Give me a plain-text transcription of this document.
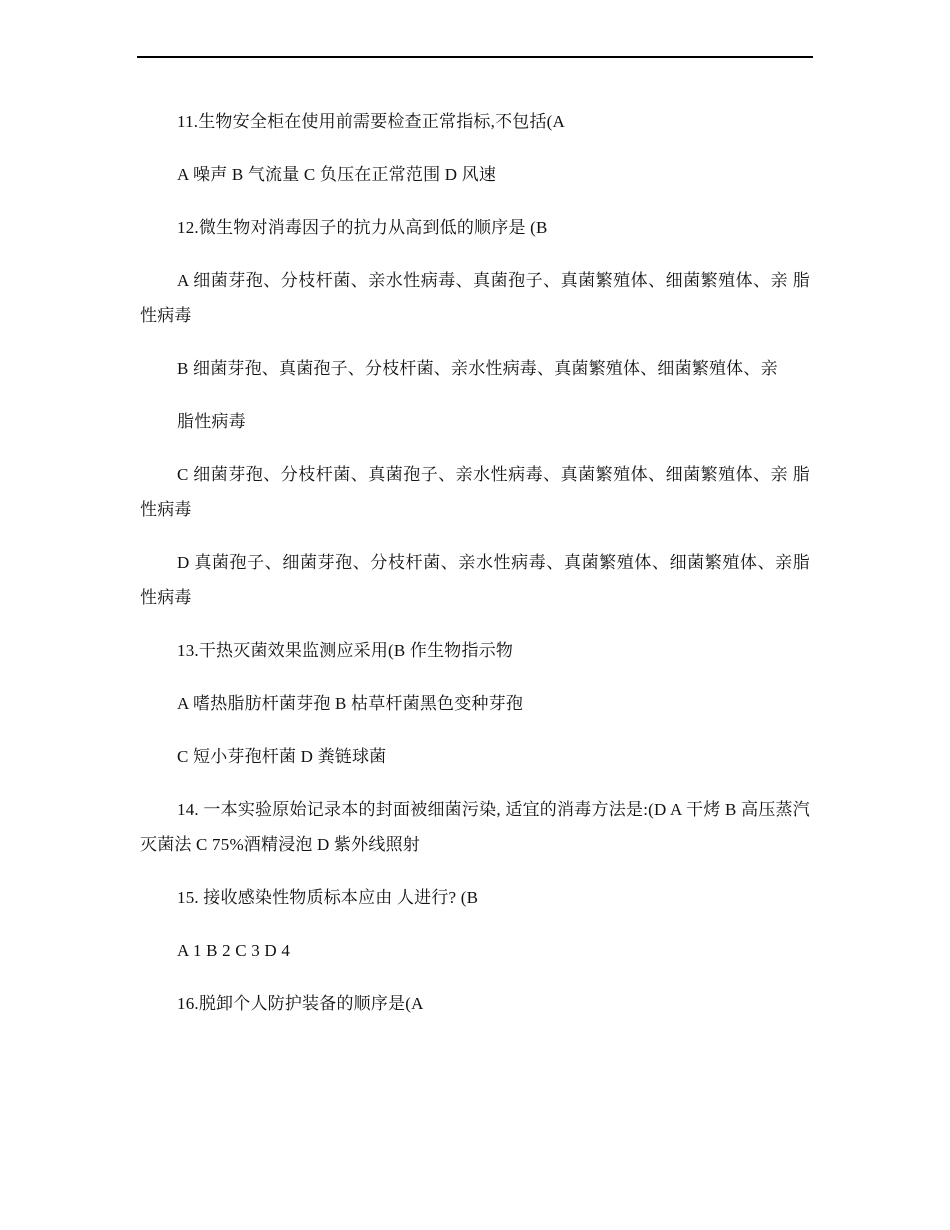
11.生物安全柜在使用前需要检查正常指标,不包括(A

A 噪声 B 气流量 C 负压在正常范围 D 风速

12.微生物对消毒因子的抗力从高到低的顺序是 (B

A 细菌芽孢、分枝杆菌、亲水性病毒、真菌孢子、真菌繁殖体、细菌繁殖体、亲 脂性病毒

B 细菌芽孢、真菌孢子、分枝杆菌、亲水性病毒、真菌繁殖体、细菌繁殖体、亲

脂性病毒

C 细菌芽孢、分枝杆菌、真菌孢子、亲水性病毒、真菌繁殖体、细菌繁殖体、亲 脂性病毒

D 真菌孢子、细菌芽孢、分枝杆菌、亲水性病毒、真菌繁殖体、细菌繁殖体、亲脂性病毒

13.干热灭菌效果监测应采用(B 作生物指示物

A 嗜热脂肪杆菌芽孢 B 枯草杆菌黑色变种芽孢

C 短小芽孢杆菌 D 粪链球菌

14. 一本实验原始记录本的封面被细菌污染, 适宜的消毒方法是:(D A 干烤 B 高压蒸汽灭菌法 C 75%酒精浸泡 D 紫外线照射

15. 接收感染性物质标本应由 人进行? (B

A 1 B 2 C 3 D 4

16.脱卸个人防护装备的顺序是(A
